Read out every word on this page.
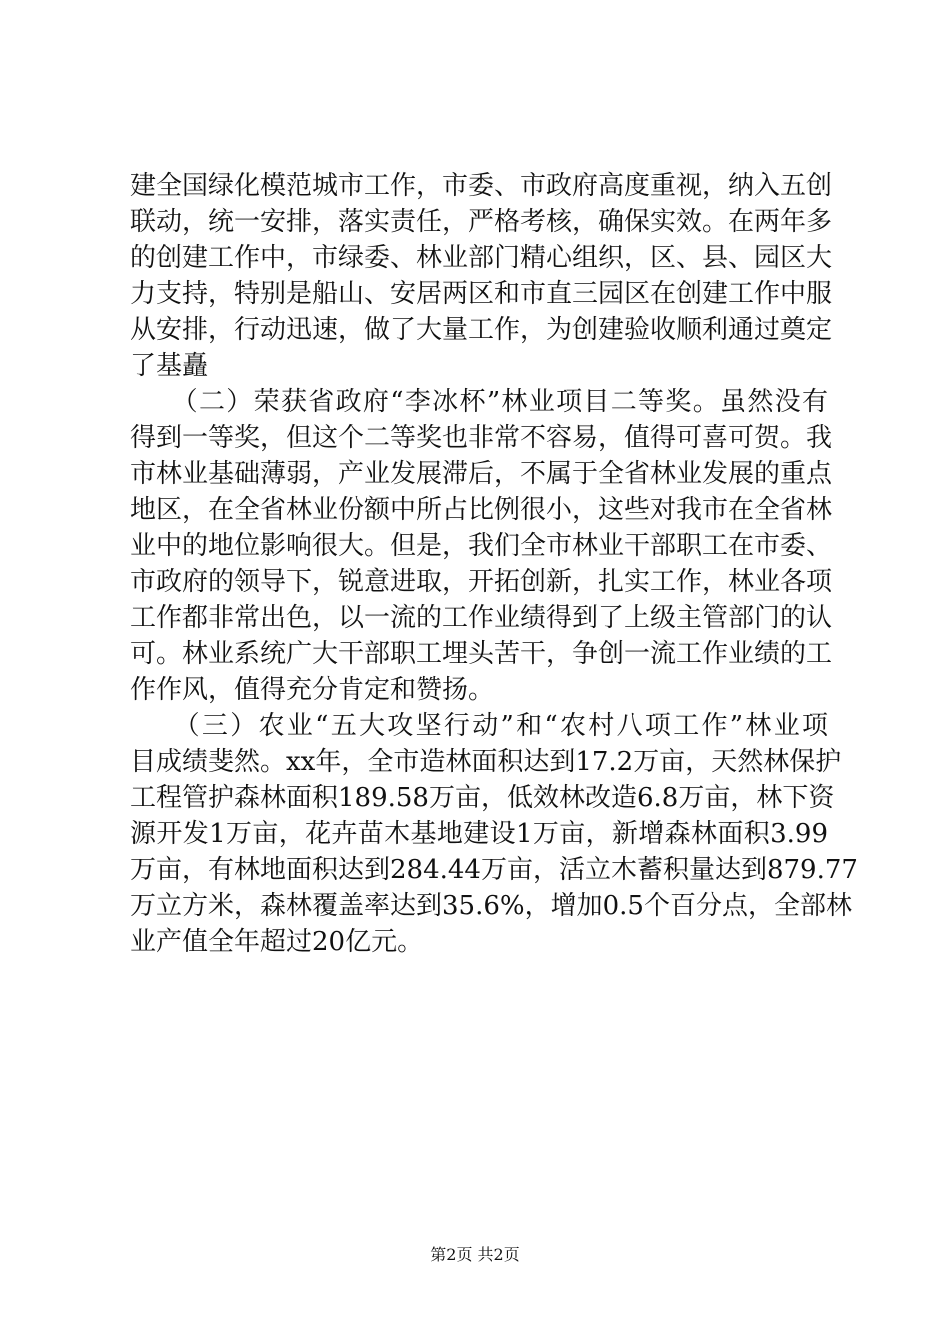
建全国绿化模范城市工作，市委、市政府高度重视，纳入五创
联动，统一安排，落实责任，严格考核，确保实效。在两年多
的创建工作中，市绿委、林业部门精心组织，区、县、园区大
力支持，特别是船山、安居两区和市直三园区在创建工作中服
从安排，行动迅速，做了大量工作，为创建验收顺利通过奠定
了基矗
　　（二）荣获省政府“李冰杯”林业项目二等奖。虽然没有
得到一等奖，但这个二等奖也非常不容易，值得可喜可贺。我
市林业基础薄弱，产业发展滞后，不属于全省林业发展的重点
地区，在全省林业份额中所占比例很小，这些对我市在全省林
业中的地位影响很大。但是，我们全市林业干部职工在市委、
市政府的领导下，锐意进取，开拓创新，扎实工作，林业各项
工作都非常出色，以一流的工作业绩得到了上级主管部门的认
可。林业系统广大干部职工埋头苦干，争创一流工作业绩的工
作作风，值得充分肯定和赞扬。
　　（三）农业“五大攻坚行动”和“农村八项工作”林业项
目成绩斐然。xx年，全市造林面积达到17.2万亩，天然林保护
工程管护森林面积189.58万亩，低效林改造6.8万亩，林下资
源开发1万亩，花卉苗木基地建设1万亩，新增森林面积3.99
万亩，有林地面积达到284.44万亩，活立木蓄积量达到879.77
万立方米，森林覆盖率达到35.6%，增加0.5个百分点，全部林
业产值全年超过20亿元。
第2页 共2页
